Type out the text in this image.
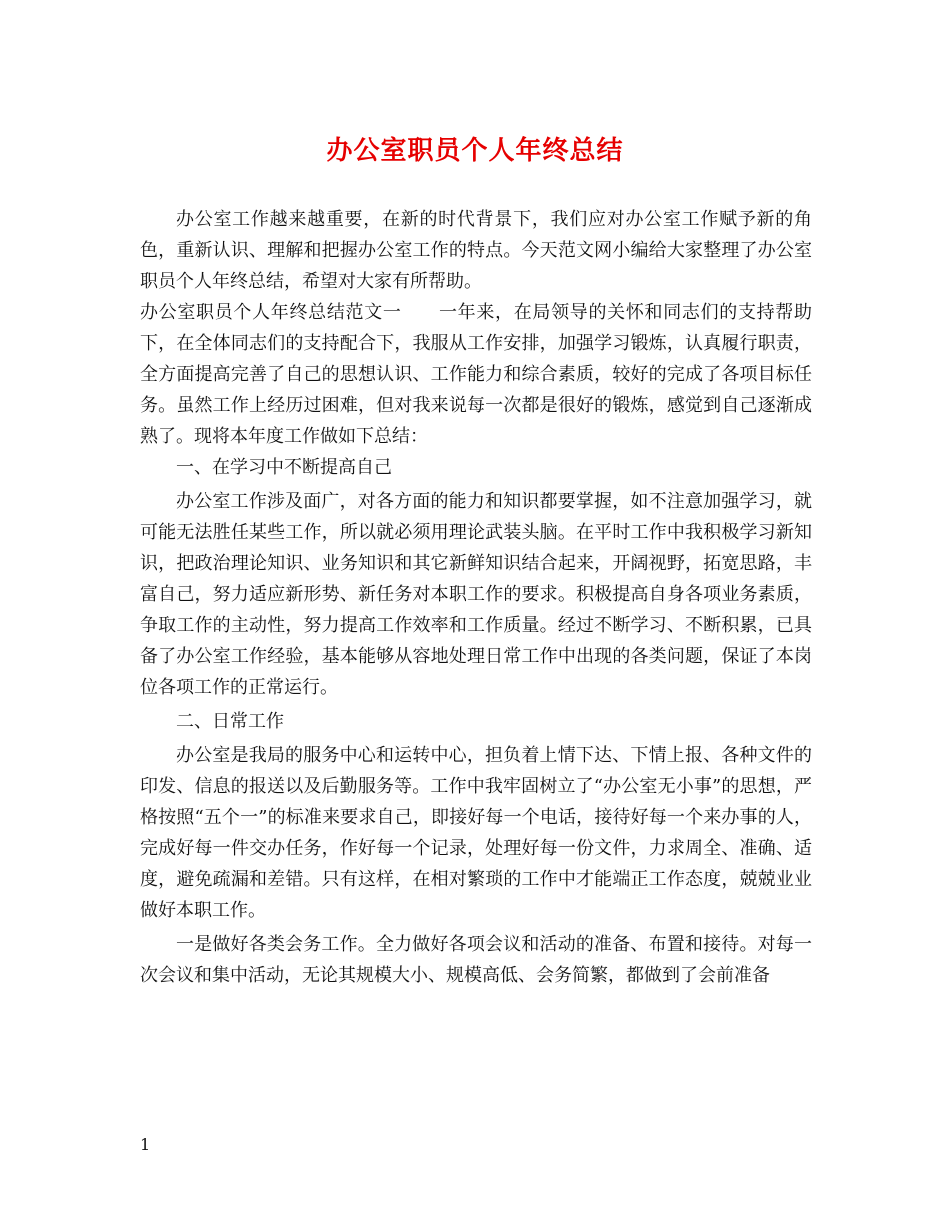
办公室职员个人年终总结

办公室工作越来越重要，在新的时代背景下，我们应对办公室工作赋予新的角色，重新认识、理解和把握办公室工作的特点。今天范文网小编给大家整理了办公室职员个人年终总结，希望对大家有所帮助。

办公室职员个人年终总结范文一　　一年来，在局领导的关怀和同志们的支持帮助下，在全体同志们的支持配合下，我服从工作安排，加强学习锻炼，认真履行职责，全方面提高完善了自己的思想认识、工作能力和综合素质，较好的完成了各项目标任务。虽然工作上经历过困难，但对我来说每一次都是很好的锻炼，感觉到自己逐渐成熟了。现将本年度工作做如下总结：

一、在学习中不断提高自己

办公室工作涉及面广，对各方面的能力和知识都要掌握，如不注意加强学习，就可能无法胜任某些工作，所以就必须用理论武装头脑。在平时工作中我积极学习新知识，把政治理论知识、业务知识和其它新鲜知识结合起来，开阔视野，拓宽思路，丰富自己，努力适应新形势、新任务对本职工作的要求。积极提高自身各项业务素质，争取工作的主动性，努力提高工作效率和工作质量。经过不断学习、不断积累，已具备了办公室工作经验，基本能够从容地处理日常工作中出现的各类问题，保证了本岗位各项工作的正常运行。

二、日常工作

办公室是我局的服务中心和运转中心，担负着上情下达、下情上报、各种文件的印发、信息的报送以及后勤服务等。工作中我牢固树立了“办公室无小事”的思想，严格按照“五个一”的标准来要求自己，即接好每一个电话，接待好每一个来办事的人，完成好每一件交办任务，作好每一个记录，处理好每一份文件，力求周全、准确、适度，避免疏漏和差错。只有这样，在相对繁琐的工作中才能端正工作态度，兢兢业业做好本职工作。

一是做好各类会务工作。全力做好各项会议和活动的准备、布置和接待。对每一次会议和集中活动，无论其规模大小、规模高低、会务简繁，都做到了会前准备

1
